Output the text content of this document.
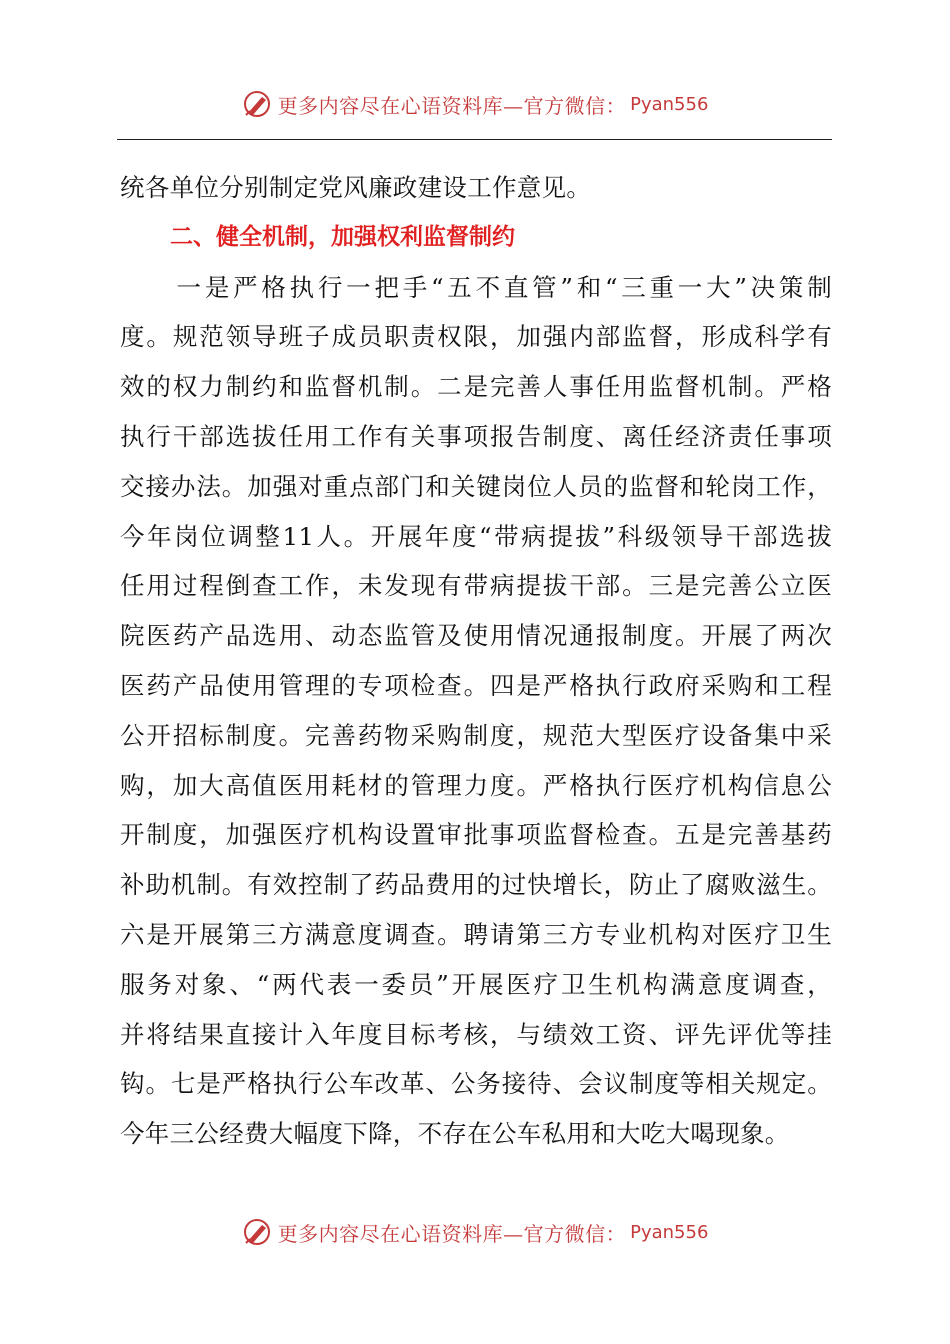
更多内容尽在心语资料库—官方微信： Pyan556
统各单位分别制定党风廉政建设工作意见。
二、健全机制，加强权利监督制约
　　一是严格执行一把手“五不直管”和“三重一大”决策制
度。规范领导班子成员职责权限，加强内部监督，形成科学有
效的权力制约和监督机制。二是完善人事任用监督机制。严格
执行干部选拔任用工作有关事项报告制度、离任经济责任事项
交接办法。加强对重点部门和关键岗位人员的监督和轮岗工作，
今年岗位调整11人。开展年度“带病提拔”科级领导干部选拔
任用过程倒查工作，未发现有带病提拔干部。三是完善公立医
院医药产品选用、动态监管及使用情况通报制度。开展了两次
医药产品使用管理的专项检查。四是严格执行政府采购和工程
公开招标制度。完善药物采购制度，规范大型医疗设备集中采
购，加大高值医用耗材的管理力度。严格执行医疗机构信息公
开制度，加强医疗机构设置审批事项监督检查。五是完善基药
补助机制。有效控制了药品费用的过快增长，防止了腐败滋生。
六是开展第三方满意度调查。聘请第三方专业机构对医疗卫生
服务对象、“两代表一委员”开展医疗卫生机构满意度调查，
并将结果直接计入年度目标考核，与绩效工资、评先评优等挂
钩。七是严格执行公车改革、公务接待、会议制度等相关规定。
今年三公经费大幅度下降，不存在公车私用和大吃大喝现象。
更多内容尽在心语资料库—官方微信： Pyan556
